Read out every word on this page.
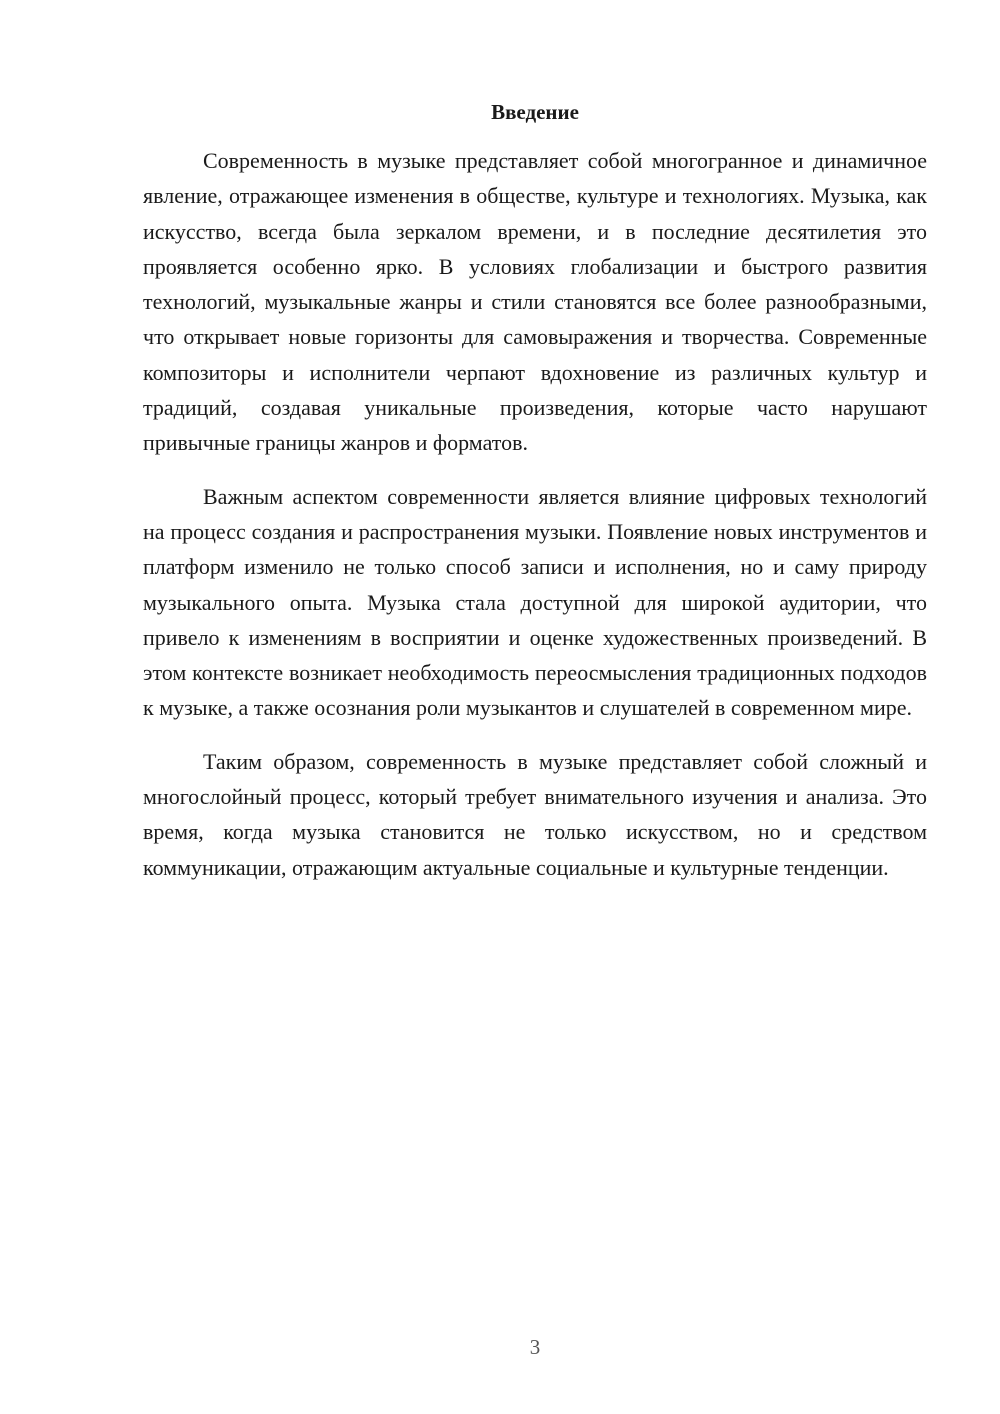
Введение

Современность в музыке представляет собой многогранное и динамичное явление, отражающее изменения в обществе, культуре и технологиях. Музыка, как искусство, всегда была зеркалом времени, и в последние десятилетия это проявляется особенно ярко. В условиях глобализации и быстрого развития технологий, музыкальные жанры и стили становятся все более разнообразными, что открывает новые горизонты для самовыражения и творчества. Современные композиторы и исполнители черпают вдохновение из различных культур и традиций, создавая уникальные произведения, которые часто нарушают привычные границы жанров и форматов.

Важным аспектом современности является влияние цифровых технологий на процесс создания и распространения музыки. Появление новых инструментов и платформ изменило не только способ записи и исполнения, но и саму природу музыкального опыта. Музыка стала доступной для широкой аудитории, что привело к изменениям в восприятии и оценке художественных произведений. В этом контексте возникает необходимость переосмысления традиционных подходов к музыке, а также осознания роли музыкантов и слушателей в современном мире.

Таким образом, современность в музыке представляет собой сложный и многослойный процесс, который требует внимательного изучения и анализа. Это время, когда музыка становится не только искусством, но и средством коммуникации, отражающим актуальные социальные и культурные тенденции.

3
